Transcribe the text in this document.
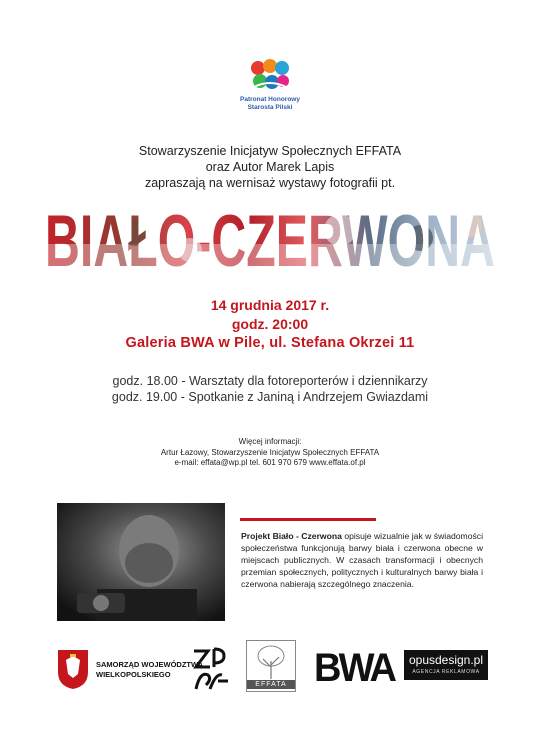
Patronat Honorowy
Starosta Pilski
Stowarzyszenie Inicjatyw Społecznych EFFATA
oraz Autor Marek Lapis
zapraszają na wernisaż wystawy fotografii pt.
BIAŁO-CZERWONA
14 grudnia 2017 r.
godz. 20:00
Galeria BWA w Pile, ul. Stefana Okrzei 11
godz. 18.00 - Warsztaty dla fotoreporterów i dziennikarzy
godz. 19.00 - Spotkanie z Janiną i Andrzejem Gwiazdami
Więcej informacji:
Artur Łazowy, Stowarzyszenie Inicjatyw Społecznych EFFATA
e-mail: effata@wp.pl tel. 601 970 679 www.effata.of.pl
Projekt Biało - Czerwona opisuje wizualnie jak w świadomości społeczeństwa funkcjonują barwy biała i czerwona obecne w miejscach publicznych. W czasach transformacji i obecnych przemian społecznych, politycznych i kulturalnych barwy biała i czerwona nabierają szczególnego znaczenia.
SAMORZĄD WOJEWÓDZTWA
WIELKOPOLSKIEGO
EFFATA BWA	opusdesign.pl
AGENCJA REKLAMOWA
